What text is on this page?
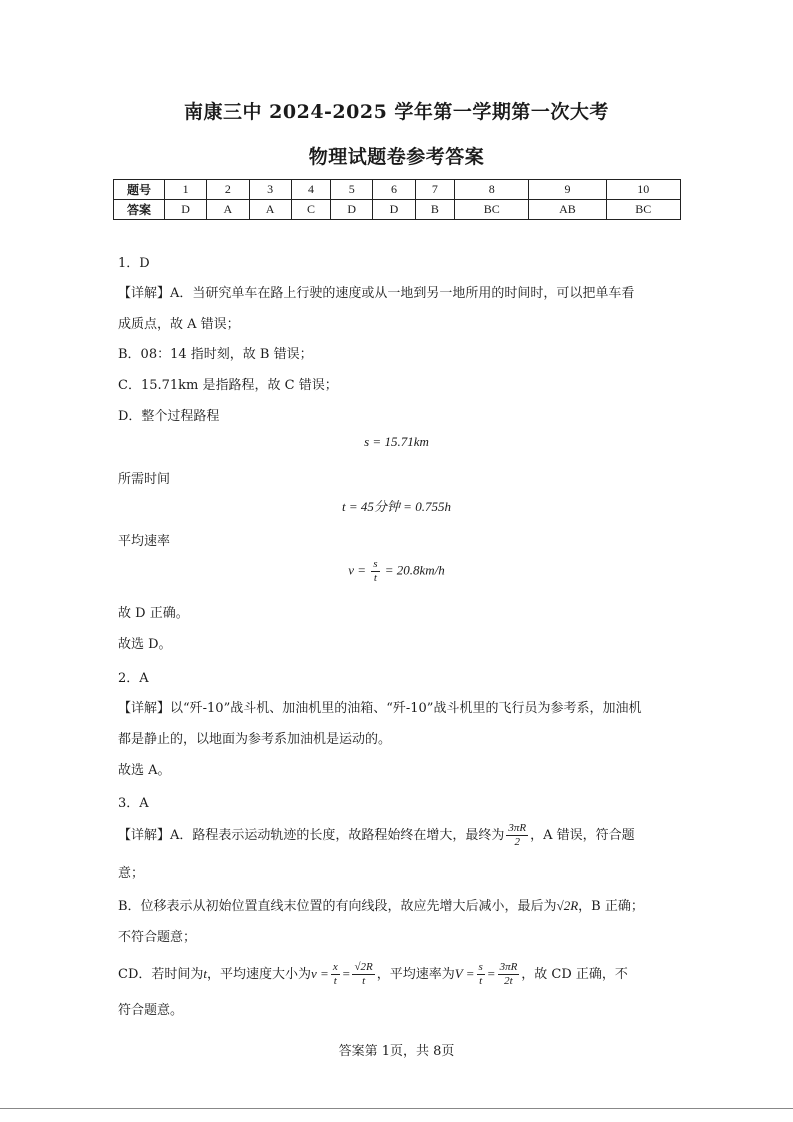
南康三中 2024-2025 学年第一学期第一次大考
物理试题卷参考答案
题号	1	2	3	4	5	6	7	8	9	10
答案	D	A	A	C	D	D	B	BC	AB	BC
1．D
【详解】A．当研究单车在路上行驶的速度或从一地到另一地所用的时间时，可以把单车看
成质点，故 A 错误；
B．08：14 指时刻，故 B 错误；
C．15.71km 是指路程，故 C 错误；
D．整个过程路程
s = 15.71km
所需时间
t = 45分钟 = 0.755h
平均速率
$v = \frac{s}{t} = 20.8km/h$
故 D 正确。
故选 D。
2．A
【详解】以“歼-10”战斗机、加油机里的油箱、“歼-10”战斗机里的飞行员为参考系，加油机
都是静止的，以地面为参考系加油机是运动的。
故选 A。
3．A
【详解】A．路程表示运动轨迹的长度，故路程始终在增大，最终为 $\frac{3\pi R}{2}$ ，A 错误，符合题
意；
B．位移表示从初始位置直线末位置的有向线段，故应先增大后减小，最后为√2R，B 正确；
不符合题意；
CD．若时间为t，平均速度大小为$v = \frac{x}{t} = \frac{√2R}{t}$ ，平均速率为$V = \frac{s}{t} = \frac{3\pi R}{2t}$ ，故 CD 正确，不
符合题意。
答案第 1页，共 8页
